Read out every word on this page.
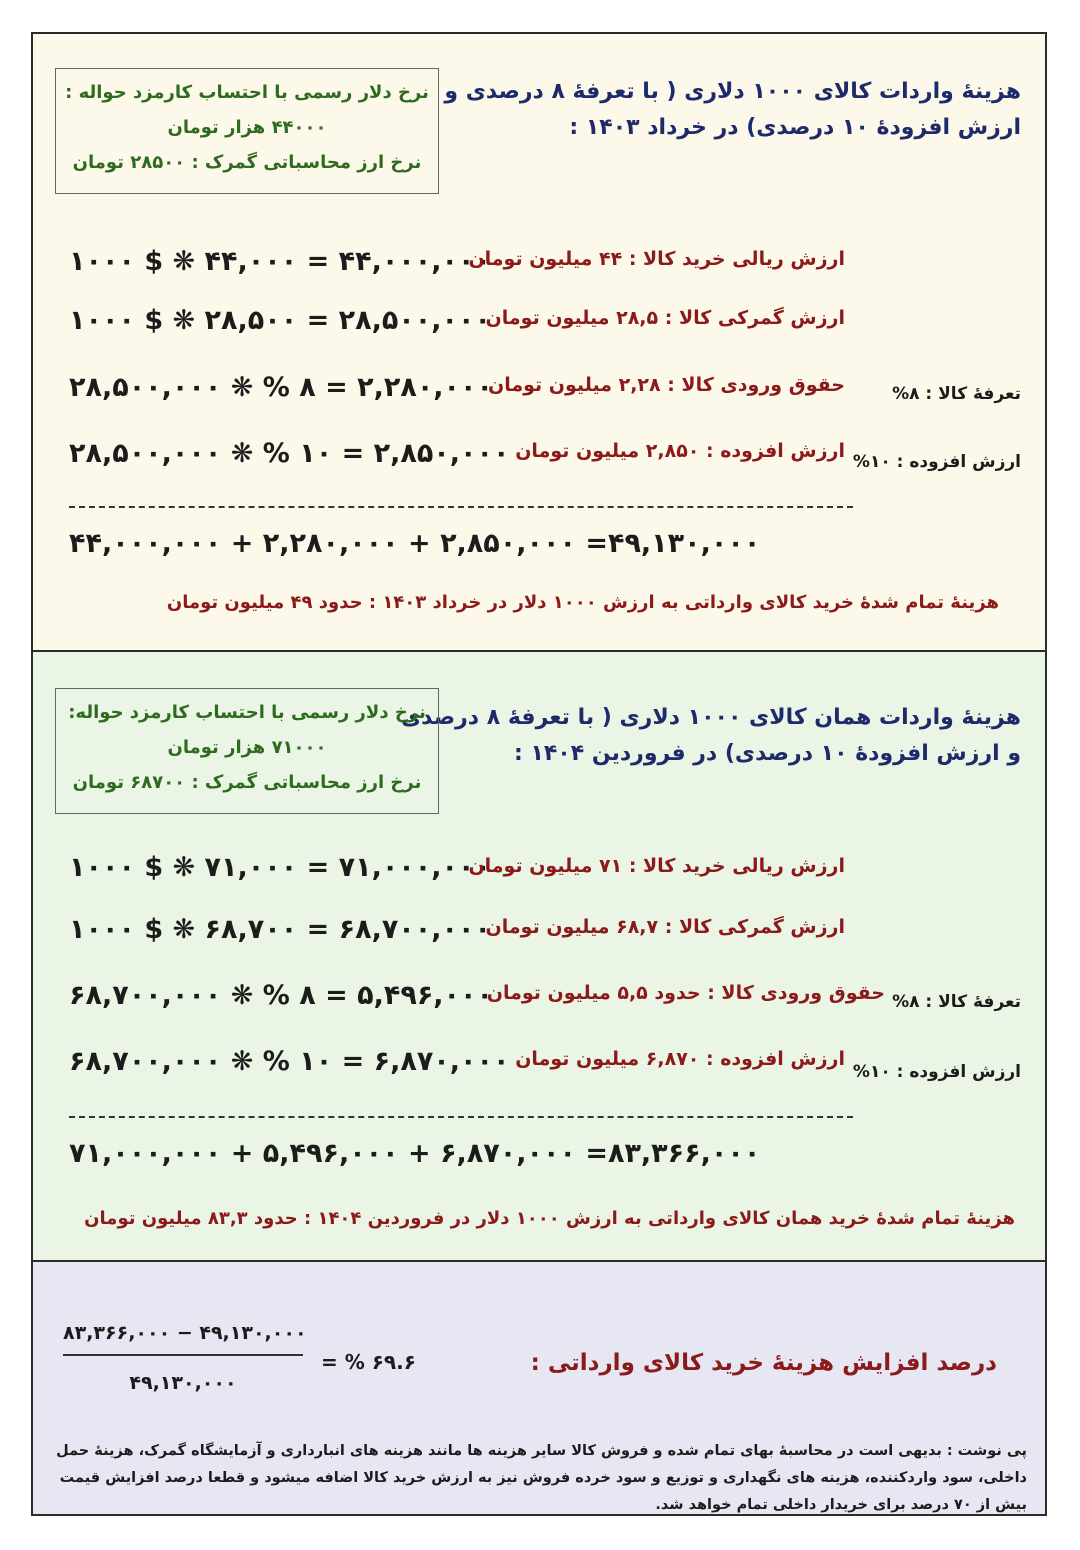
هزینهٔ واردات کالای ۱۰۰۰ دلاری ( با تعرفهٔ ۸ درصدی و
ارزش افزودهٔ ۱۰ درصدی) در خرداد ۱۴۰۳ :
نرخ دلار رسمی با احتساب کارمزد حواله :
۴۴۰۰۰ هزار تومان
نرخ ارز محاسباتی گمرک : ۲۸۵۰۰ تومان
۱۰۰۰ $ ❋ ۴۴,۰۰۰ = ۴۴,۰۰۰,۰۰۰
ارزش ریالی خرید کالا : ۴۴ میلیون تومان
۱۰۰۰ $ ❋ ۲۸,۵۰۰ = ۲۸,۵۰۰,۰۰۰
ارزش گمرکی کالا : ۲۸,۵ میلیون تومان
۲۸,۵۰۰,۰۰۰ ❋ % ۸ = ۲,۲۸۰,۰۰۰
حقوق ورودی کالا : ۲,۲۸ میلیون تومان	تعرفهٔ کالا : ۸%
۲۸,۵۰۰,۰۰۰ ❋ % ۱۰ = ۲,۸۵۰,۰۰۰ ارزش افزوده : ۲,۸۵۰ میلیون تومان ارزش افزوده : ۱۰%
۴۴,۰۰۰,۰۰۰ + ۲,۲۸۰,۰۰۰ + ۲,۸۵۰,۰۰۰ =۴۹,۱۳۰,۰۰۰
هزینهٔ تمام شدهٔ خرید کالای وارداتی به ارزش ۱۰۰۰ دلار در خرداد ۱۴۰۳ : حدود ۴۹ میلیون تومان
هزینهٔ واردات همان کالای ۱۰۰۰ دلاری ( با تعرفهٔ ۸ درصدی
و ارزش افزودهٔ ۱۰ درصدی) در فروردین ۱۴۰۴ :
نرخ دلار رسمی با احتساب کارمزد حواله:
۷۱۰۰۰ هزار تومان
نرخ ارز محاسباتی گمرک : ۶۸۷۰۰ تومان
۱۰۰۰ $ ❋ ۷۱,۰۰۰ = ۷۱,۰۰۰,۰۰۰
ارزش ریالی خرید کالا : ۷۱ میلیون تومان
۱۰۰۰ $ ❋ ۶۸,۷۰۰ = ۶۸,۷۰۰,۰۰۰
ارزش گمرکی کالا : ۶۸,۷ میلیون تومان
۶۸,۷۰۰,۰۰۰ ❋ % ۸ = ۵,۴۹۶,۰۰۰
حقوق ورودی کالا : حدود ۵,۵ میلیون تومان تعرفهٔ کالا : ۸%
۶۸,۷۰۰,۰۰۰ ❋ % ۱۰ = ۶,۸۷۰,۰۰۰ ارزش افزوده : ۶,۸۷۰ میلیون تومان
ارزش افزوده : ۱۰%
۷۱,۰۰۰,۰۰۰ + ۵,۴۹۶,۰۰۰ + ۶,۸۷۰,۰۰۰ =۸۳,۳۶۶,۰۰۰
هزینهٔ تمام شدهٔ خرید همان کالای وارداتی به ارزش ۱۰۰۰ دلار در فروردین ۱۴۰۴ : حدود ۸۳,۳ میلیون تومان
۸۳,۳۶۶,۰۰۰ − ۴۹,۱۳۰,۰۰۰
۴۹,۱۳۰,۰۰۰
= % ۶۹.۶	درصد افزایش هزینهٔ خرید کالای وارداتی :
پی نوشت : بدیهی است در محاسبهٔ بهای تمام شده و فروش کالا سایر هزینه ها مانند هزینه های انبارداری و آزمایشگاه گمرک، هزینهٔ حمل داخلی، سود واردکننده، هزینه های نگهداری و توزیع و سود خرده فروش نیز به ارزش خرید کالا اضافه میشود و قطعا درصد افزایش قیمت بیش از ۷۰ درصد برای خریدار داخلی تمام خواهد شد.
